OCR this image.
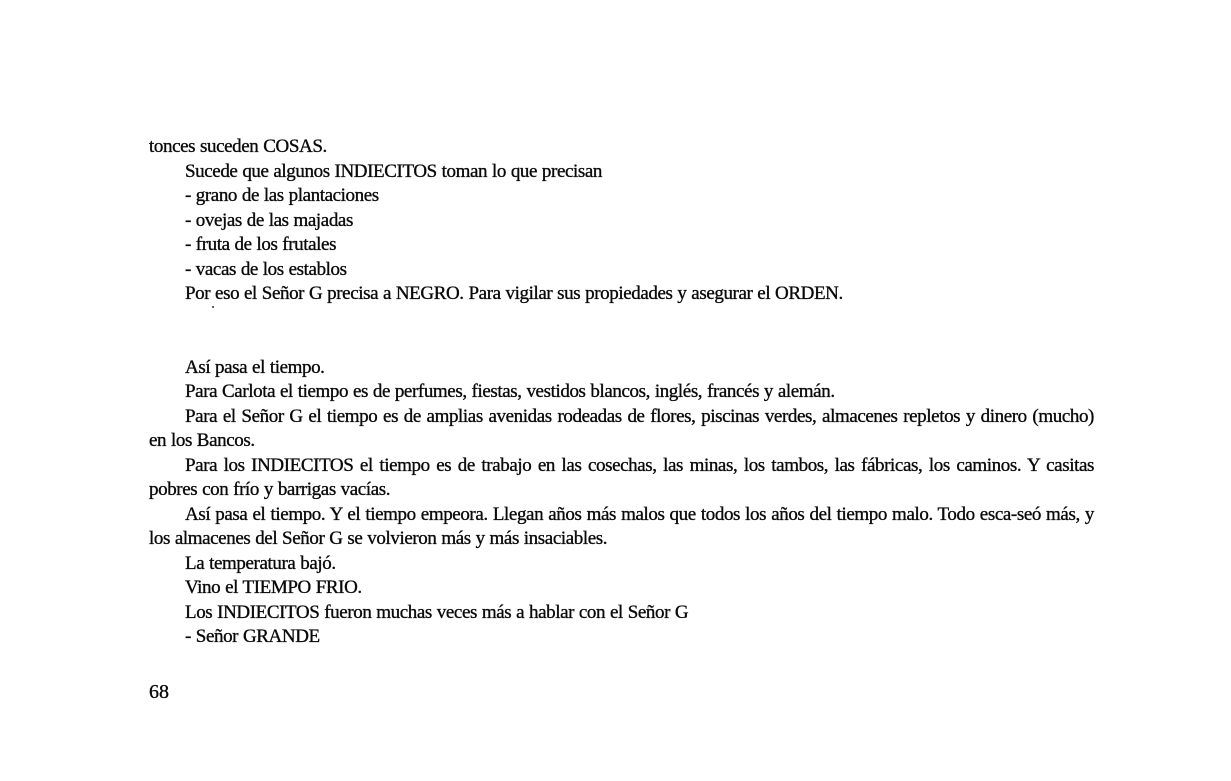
tonces suceden COSAS.
Sucede que algunos INDIECITOS toman lo que precisan
- grano de las plantaciones
- ovejas de las majadas
- fruta de los frutales
- vacas de los establos
Por eso el Señor G precisa a NEGRO. Para vigilar sus propiedades y asegurar el ORDEN.
Así pasa el tiempo.
Para Carlota el tiempo es de perfumes, fiestas, vestidos blancos, inglés, francés y alemán.
Para el Señor G el tiempo es de amplias avenidas rodeadas de flores, piscinas verdes, almacenes repletos y dinero (mucho) en los Bancos.
Para los INDIECITOS el tiempo es de trabajo en las cosechas, las minas, los tambos, las fábricas, los caminos. Y casitas pobres con frío y barrigas vacías.
Así pasa el tiempo. Y el tiempo empeora. Llegan años más malos que todos los años del tiempo malo. Todo esca-seó más, y los almacenes del Señor G se volvieron más y más insaciables.
La temperatura bajó.
Vino el TIEMPO FRIO.
Los INDIECITOS fueron muchas veces más a hablar con el Señor G
- Señor GRANDE
68
